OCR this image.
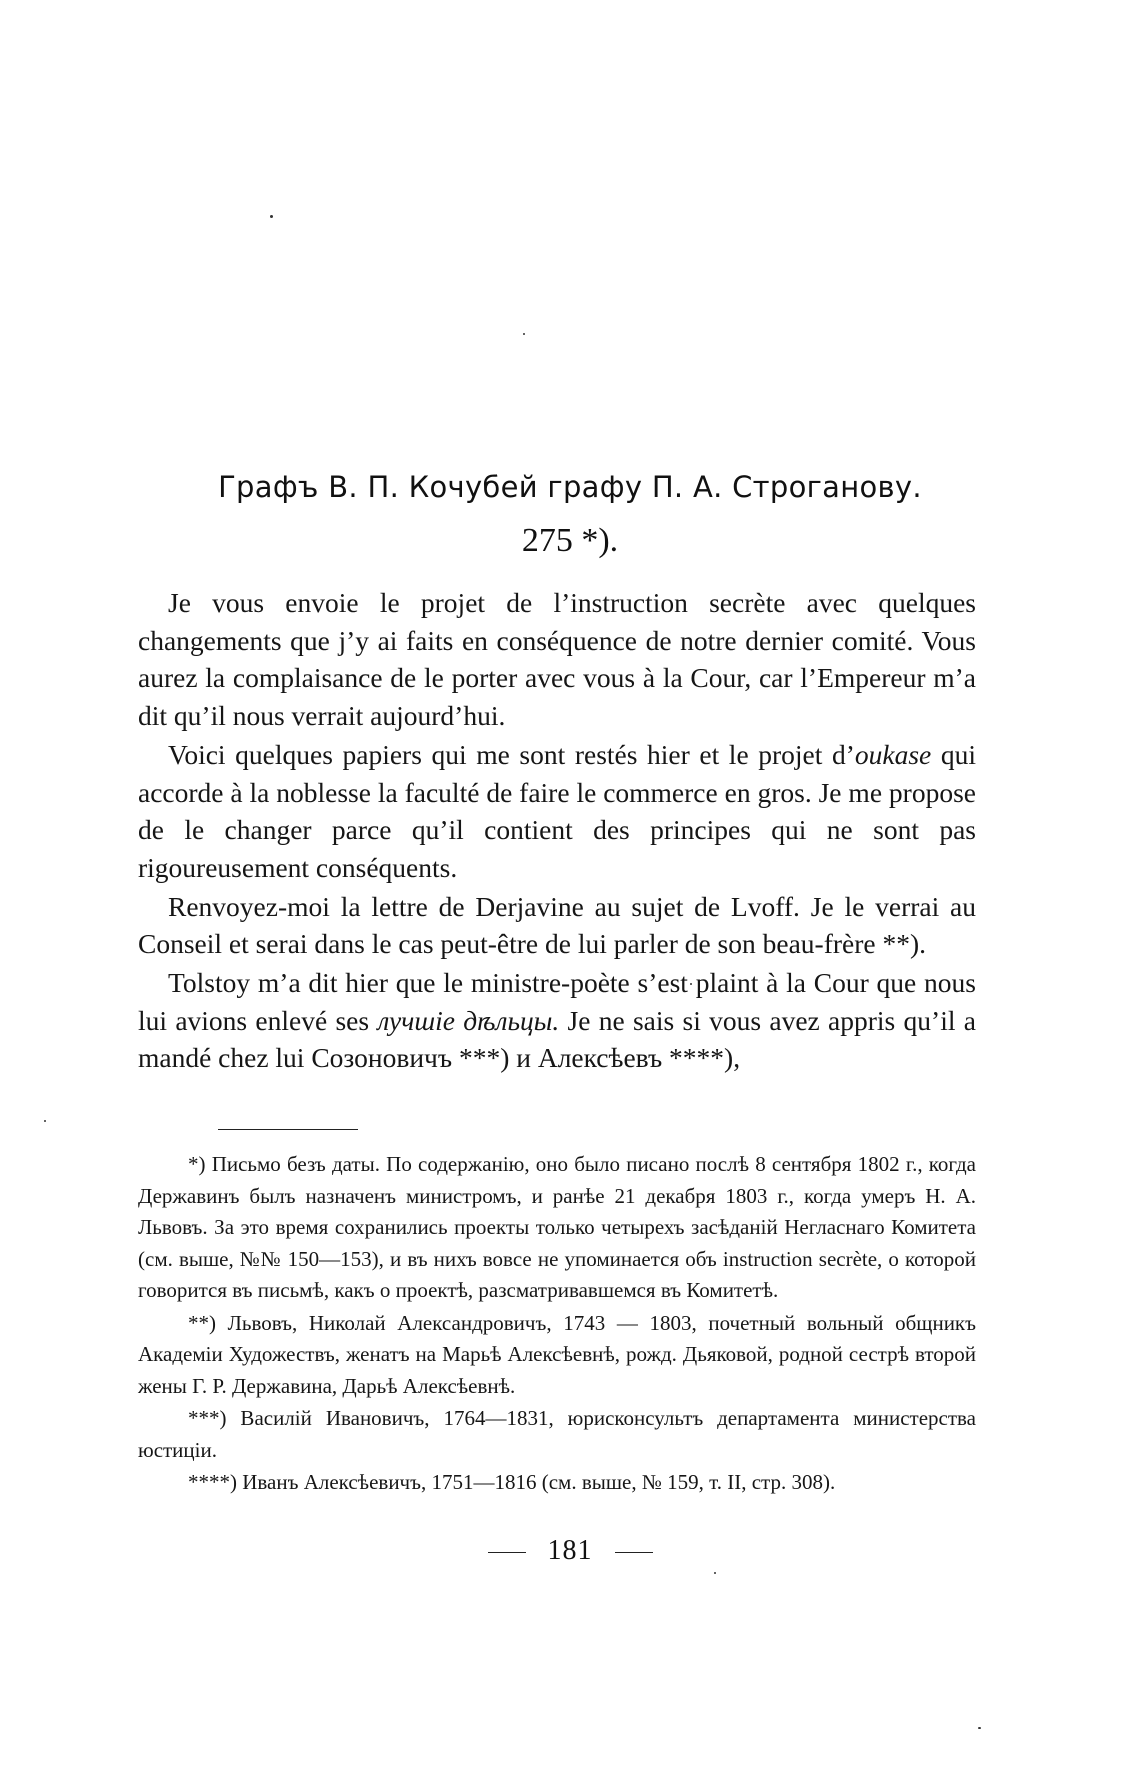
Графъ В. П. Кочубей графу П. А. Строганову.
275 *).

Je vous envoie le projet de l’instruction secrète avec quelques changements que j’y ai faits en conséquence de notre dernier comité. Vous aurez la complaisance de le porter avec vous à la Cour, car l’Empereur m’a dit qu’il nous verrait aujourd’hui.

Voici quelques papiers qui me sont restés hier et le projet d’oukase qui accorde à la noblesse la faculté de faire le commerce en gros. Je me propose de le changer parce qu’il contient des principes qui ne sont pas rigoureusement conséquents.

Renvoyez-moi la lettre de Derjavine au sujet de Lvoff. Je le verrai au Conseil et serai dans le cas peut-être de lui parler de son beau-frère **).

Tolstoy m’a dit hier que le ministre-poète s’est plaint à la Cour que nous lui avions enlevé ses лучшіе дѣльцы. Je ne sais si vous avez appris qu’il a mandé chez lui Созоновичъ ***) и Алексѣевъ ****),

*) Письмо безъ даты. По содержанію, оно было писано послѣ 8 сентября 1802 г., когда Державинъ былъ назначенъ министромъ, и ранѣе 21 декабря 1803 г., когда умеръ Н. А. Львовъ. За это время сохранились проекты только четырехъ засѣданій Негласнаго Комитета (см. выше, №№ 150—153), и въ нихъ вовсе не упоминается объ instruction secrète, о которой говорится въ письмѣ, какъ о проектѣ, разсматривавшемся въ Комитетѣ.

**) Львовъ, Николай Александровичъ, 1743 — 1803, почетный вольный общникъ Академіи Художествъ, женатъ на Марьѣ Алексѣевнѣ, рожд. Дьяковой, родной сестрѣ второй жены Г. Р. Державина, Дарьѣ Алексѣевнѣ.

***) Василій Ивановичъ, 1764—1831, юрисконсультъ департамента министерства юстиціи.

****) Иванъ Алексѣевичъ, 1751—1816 (см. выше, № 159, т. II, стр. 308).

181
